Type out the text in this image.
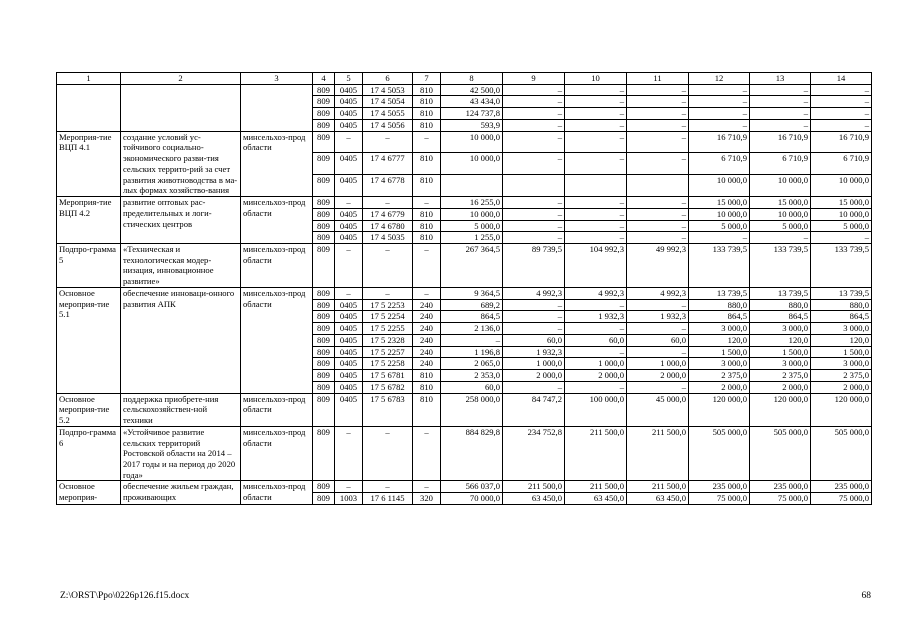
1	2	3	4	5	6	7	8	9	10	11	12	13	14
			809	0405	17 4 5053	810	42 500,0	–	–	–	–	–	–
			809	0405	17 4 5054	810	43 434,0	–	–	–	–	–	–
			809	0405	17 4 5055	810	124 737,8	–	–	–	–	–	–
			809	0405	17 4 5056	810	593,9	–	–	–	–	–	–
Мероприя-тие ВЦП 4.1	создание условий ус-тойчивого социально-экономического разви-тия сельских террито-рий за счет развития животноводства в ма-лых формах хозяйство-вания	минсельхоз-прод области	809	–	–	–	10 000,0	–	–	–	16 710,9	16 710,9	16 710,9
			809	0405	17 4 6777	810	10 000,0	–	–	–	6 710,9	6 710,9	6 710,9
			809	0405	17 4 6778	810					10 000,0	10 000,0	10 000,0
Мероприя-тие ВЦП 4.2	развитие оптовых рас-пределительных и логи-стических центров	минсельхоз-прод области	809	–	–	–	16 255,0	–	–	–	15 000,0	15 000,0	15 000,0
			809	0405	17 4 6779	810	10 000,0	–	–	–	10 000,0	10 000,0	10 000,0
			809	0405	17 4 6780	810	5 000,0	–	–	–	5 000,0	5 000,0	5 000,0
			809	0405	17 4 5035	810	1 255,0	–	–	–	–	–	–
Подпро-грамма 5	«Техническая и технологическая модер-низация, инновационное развитие»	минсельхоз-прод области	809	–	–	–	267 364,5	89 739,5	104 992,3	49 992,3	133 739,5	133 739,5	133 739,5
Основное мероприя-тие 5.1	обеспечение инноваци-онного развития АПК	минсельхоз-прод области	809	–	–	–	9 364,5	4 992,3	4 992,3	4 992,3	13 739,5	13 739,5	13 739,5
			809	0405	17 5 2253	240	689,2	–	–	–	880,0	880,0	880,0
			809	0405	17 5 2254	240	864,5	–	1 932,3	1 932,3	864,5	864,5	864,5
			809	0405	17 5 2255	240	2 136,0	–	–	–	3 000,0	3 000,0	3 000,0
			809	0405	17 5 2328	240	–	60,0	60,0	60,0	120,0	120,0	120,0
			809	0405	17 5 2257	240	1 196,8	1 932,3	–	–	1 500,0	1 500,0	1 500,0
			809	0405	17 5 2258	240	2 065,0	1 000,0	1 000,0	1 000,0	3 000,0	3 000,0	3 000,0
			809	0405	17 5 6781	810	2 353,0	2 000,0	2 000,0	2 000,0	2 375,0	2 375,0	2 375,0
			809	0405	17 5 6782	810	60,0	–	–	–	2 000,0	2 000,0	2 000,0
Основное мероприя-тие 5.2	поддержка приобрете-ния сельскохозяйствен-ной техники	минсельхоз-прод области	809	0405	17 5 6783	810	258 000,0	84 747,2	100 000,0	45 000,0	120 000,0	120 000,0	120 000,0
Подпро-грамма 6	«Устойчивое развитие сельских территорий Ростовской области на 2014 – 2017 годы и на период до 2020 года»	минсельхоз-прод области	809	–	–	–	884 829,8	234 752,8	211 500,0	211 500,0	505 000,0	505 000,0	505 000,0
Основное мероприя-	обеспечение жильем граждан, проживающих	минсельхоз-прод области	809	–	–	–	566 037,0	211 500,0	211 500,0	211 500,0	235 000,0	235 000,0	235 000,0
			809	1003	17 6 1145	320	70 000,0	63 450,0	63 450,0	63 450,0	75 000,0	75 000,0	75 000,0
Z:\ORST\Ppo\0226p126.f15.docx	68
